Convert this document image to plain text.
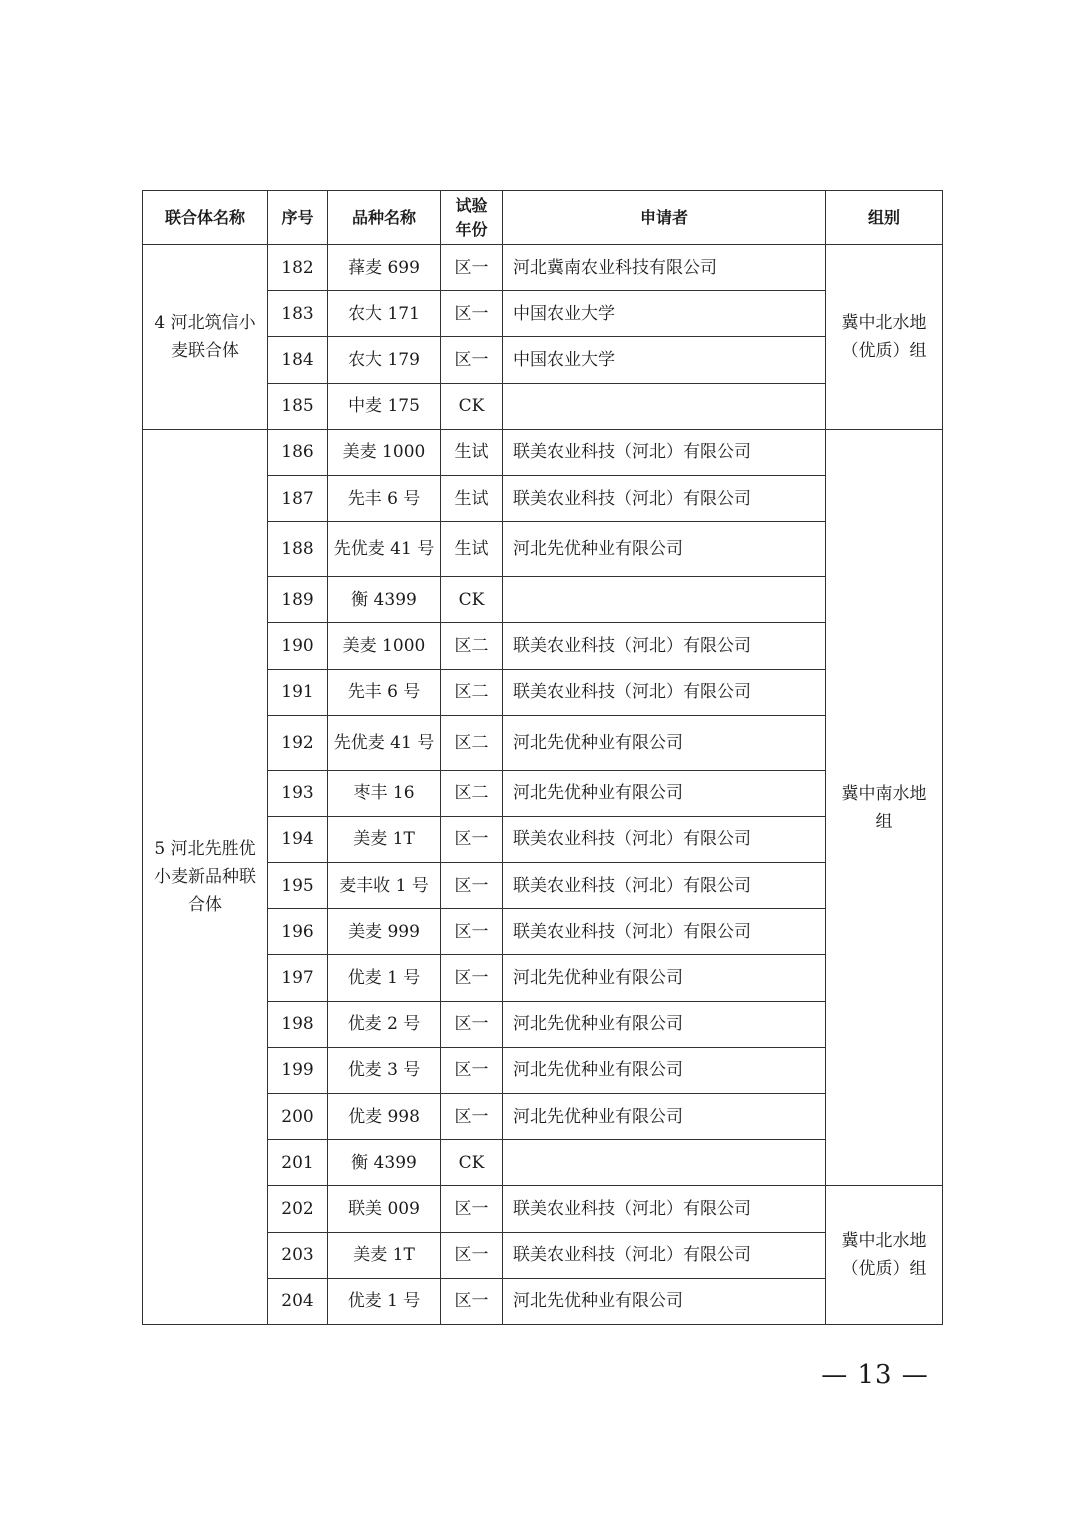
联合体名称	序号	品种名称	试验年份	申请者	组别
4 河北筑信小麦联合体	182	萚麦 699	区一	河北冀南农业科技有限公司	冀中北水地（优质）组
	183	农大 171	区一	中国农业大学	
	184	农大 179	区一	中国农业大学	
	185	中麦 175	CK		
5 河北先胜优小麦新品种联合体	186	美麦 1000	生试	联美农业科技（河北）有限公司	冀中南水地组
	187	先丰 6 号	生试	联美农业科技（河北）有限公司	
	188	先优麦 41 号	生试	河北先优种业有限公司	
	189	衡 4399	CK		
	190	美麦 1000	区二	联美农业科技（河北）有限公司	
	191	先丰 6 号	区二	联美农业科技（河北）有限公司	
	192	先优麦 41 号	区二	河北先优种业有限公司	
	193	枣丰 16	区二	河北先优种业有限公司	
	194	美麦 1T	区一	联美农业科技（河北）有限公司	
	195	麦丰收 1 号	区一	联美农业科技（河北）有限公司	
	196	美麦 999	区一	联美农业科技（河北）有限公司	
	197	优麦 1 号	区一	河北先优种业有限公司	
	198	优麦 2 号	区一	河北先优种业有限公司	
	199	优麦 3 号	区一	河北先优种业有限公司	
	200	优麦 998	区一	河北先优种业有限公司	
	201	衡 4399	CK		
	202	联美 009	区一	联美农业科技（河北）有限公司	冀中北水地（优质）组
	203	美麦 1T	区一	联美农业科技（河北）有限公司	
	204	优麦 1 号	区一	河北先优种业有限公司	
— 13 —
